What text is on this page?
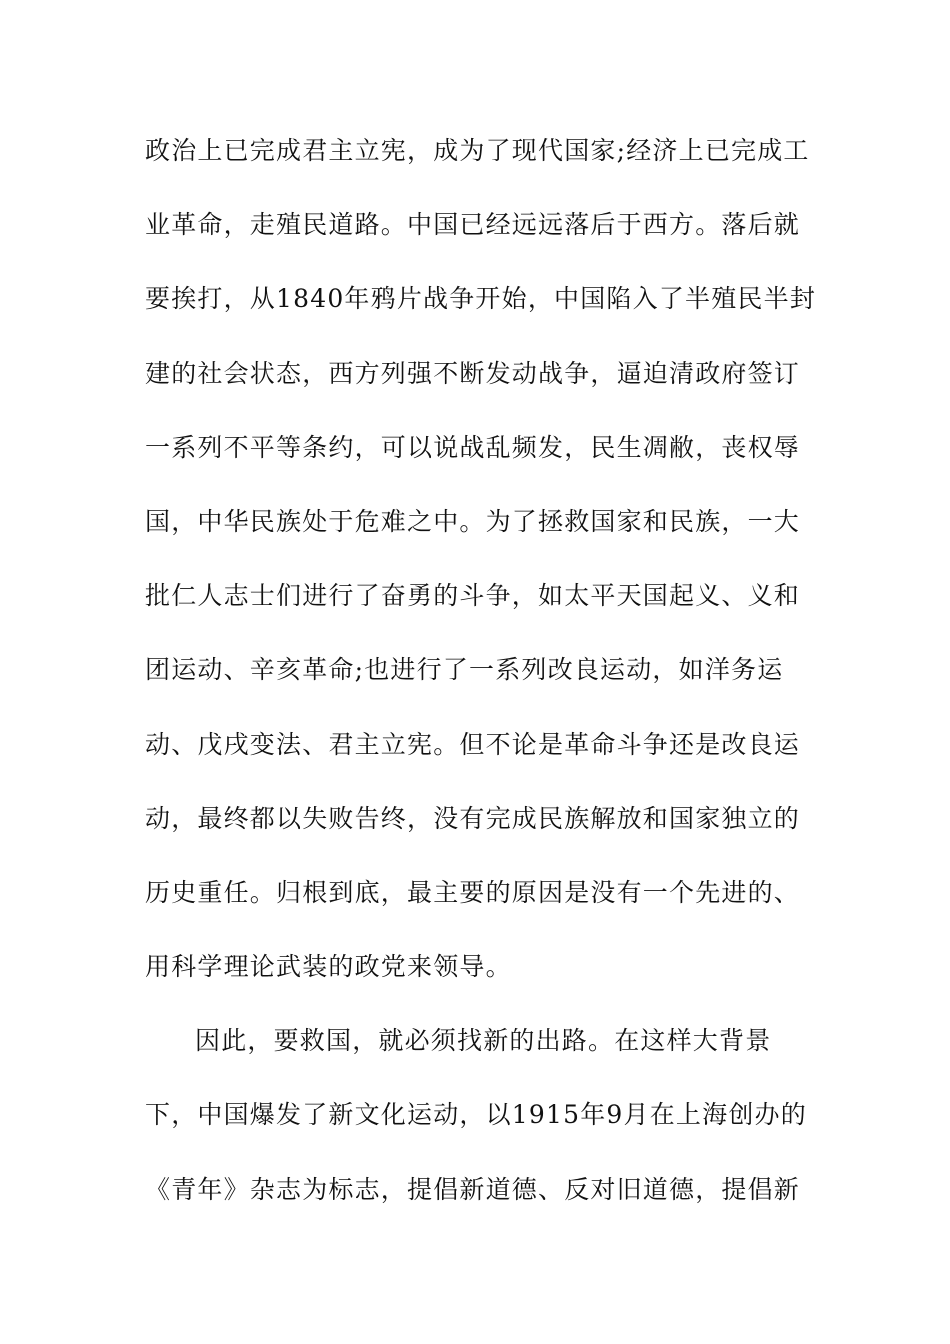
政治上已完成君主立宪，成为了现代国家;经济上已完成工
业革命，走殖民道路。中国已经远远落后于西方。落后就
要挨打，从1840年鸦片战争开始，中国陷入了半殖民半封
建的社会状态，西方列强不断发动战争，逼迫清政府签订
一系列不平等条约，可以说战乱频发，民生凋敝，丧权辱
国，中华民族处于危难之中。为了拯救国家和民族，一大
批仁人志士们进行了奋勇的斗争，如太平天国起义、义和
团运动、辛亥革命;也进行了一系列改良运动，如洋务运
动、戊戌变法、君主立宪。但不论是革命斗争还是改良运
动，最终都以失败告终，没有完成民族解放和国家独立的
历史重任。归根到底，最主要的原因是没有一个先进的、
用科学理论武装的政党来领导。
因此，要救国，就必须找新的出路。在这样大背景
下，中国爆发了新文化运动，以1915年9月在上海创办的
《青年》杂志为标志，提倡新道德、反对旧道德，提倡新
